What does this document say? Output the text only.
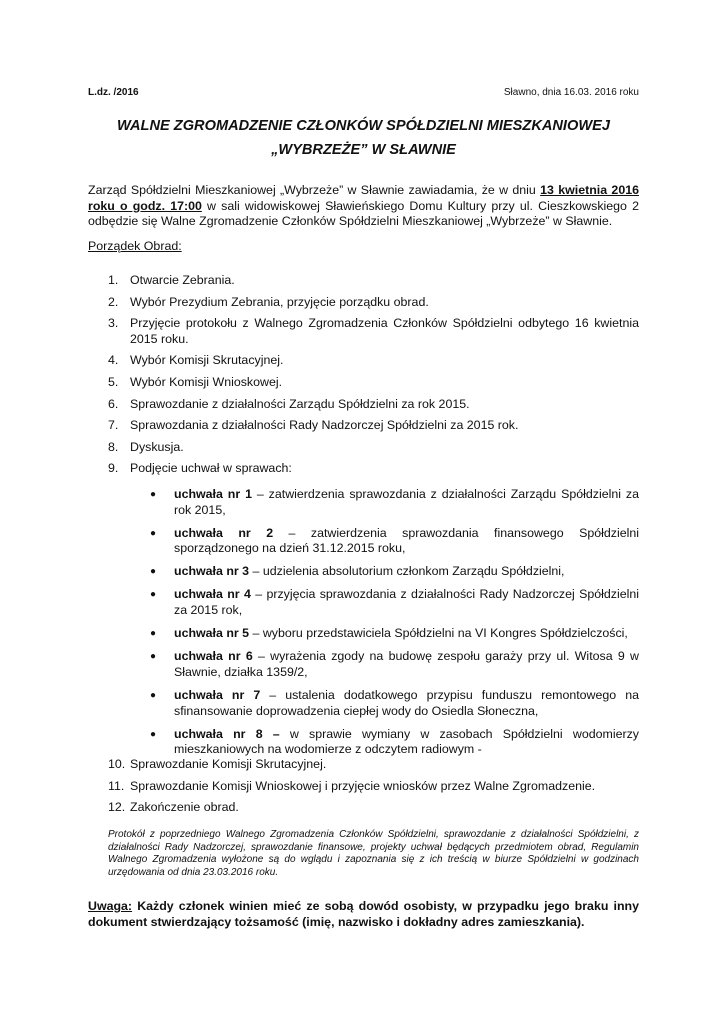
L.dz. /2016	Sławno, dnia 16.03. 2016 roku
WALNE ZGROMADZENIE CZŁONKÓW SPÓŁDZIELNI MIESZKANIOWEJ
„WYBRZEŻE” W SŁAWNIE
Zarząd Spółdzielni Mieszkaniowej „Wybrzeże” w Sławnie zawiadamia, że w dniu 13 kwietnia 2016 roku o godz. 17:00 w sali widowiskowej Sławieńskiego Domu Kultury przy ul. Cieszkowskiego 2 odbędzie się Walne Zgromadzenie Członków Spółdzielni Mieszkaniowej „Wybrzeże” w Sławnie.
Porządek Obrad:
1. Otwarcie Zebrania.
2. Wybór Prezydium Zebrania, przyjęcie porządku obrad.
3. Przyjęcie protokołu z Walnego Zgromadzenia Członków Spółdzielni odbytego 16 kwietnia 2015 roku.
4. Wybór Komisji Skrutacyjnej.
5. Wybór Komisji Wnioskowej.
6. Sprawozdanie z działalności Zarządu Spółdzielni za rok 2015.
7. Sprawozdania z działalności Rady Nadzorczej Spółdzielni za 2015 rok.
8. Dyskusja.
9. Podjęcie uchwał w sprawach:
● uchwała nr 1 – zatwierdzenia sprawozdania z działalności Zarządu Spółdzielni za rok 2015,
● uchwała nr 2 – zatwierdzenia sprawozdania finansowego Spółdzielni sporządzonego na dzień 31.12.2015 roku,
● uchwała nr 3 – udzielenia absolutorium członkom Zarządu Spółdzielni,
● uchwała nr 4 – przyjęcia sprawozdania z działalności Rady Nadzorczej Spółdzielni za 2015 rok,
● uchwała nr 5 – wyboru przedstawiciela Spółdzielni na VI Kongres Spółdzielczości,
● uchwała nr 6 – wyrażenia zgody na budowę zespołu garaży przy ul. Witosa 9 w Sławnie, działka 1359/2,
● uchwała nr 7 – ustalenia dodatkowego przypisu funduszu remontowego na sfinansowanie doprowadzenia ciepłej wody do Osiedla Słoneczna,
● uchwała nr 8 – w sprawie wymiany w zasobach Spółdzielni wodomierzy mieszkaniowych na wodomierze z odczytem radiowym -
10. Sprawozdanie Komisji Skrutacyjnej.
11. Sprawozdanie Komisji Wnioskowej i przyjęcie wniosków przez Walne Zgromadzenie.
12. Zakończenie obrad.
Protokół z poprzedniego Walnego Zgromadzenia Członków Spółdzielni, sprawozdanie z działalności Spółdzielni, z działalności Rady Nadzorczej, sprawozdanie finansowe, projekty uchwał będących przedmiotem obrad, Regulamin Walnego Zgromadzenia wyłożone są do wglądu i zapoznania się z ich treścią w biurze Spółdzielni w godzinach urzędowania od dnia 23.03.2016 roku.
Uwaga: Każdy członek winien mieć ze sobą dowód osobisty, w przypadku jego braku inny dokument stwierdzający tożsamość (imię, nazwisko i dokładny adres zamieszkania).
